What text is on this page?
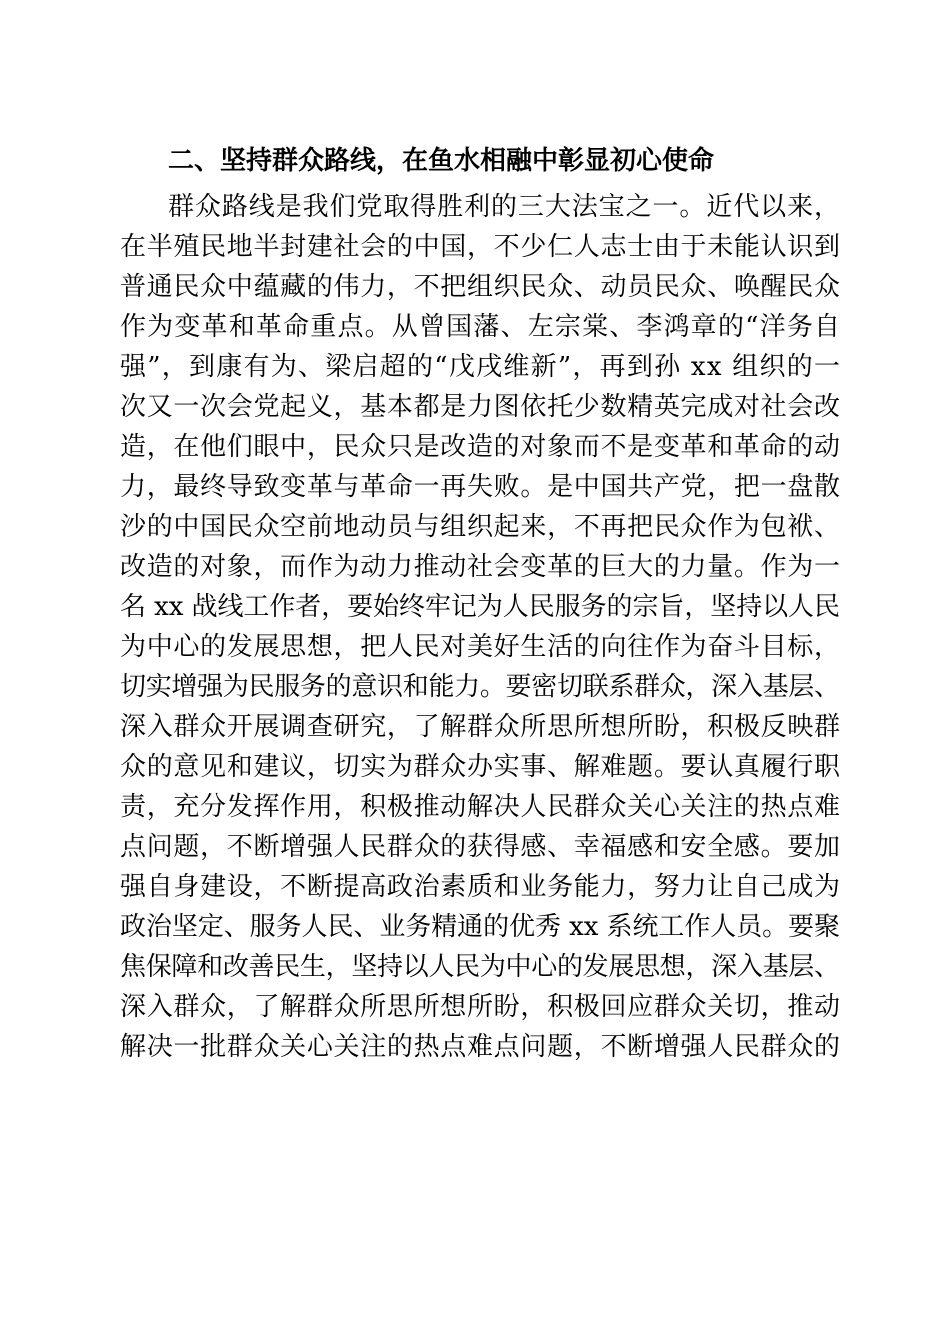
二、坚持群众路线，在鱼水相融中彰显初心使命
群众路线是我们党取得胜利的三大法宝之一。近代以来，
在半殖民地半封建社会的中国，不少仁人志士由于未能认识到
普通民众中蕴藏的伟力，不把组织民众、动员民众、唤醒民众
作为变革和革命重点。从曾国藩、左宗棠、李鸿章的“洋务自
强”，到康有为、梁启超的“戊戌维新”，再到孙 xx 组织的一
次又一次会党起义，基本都是力图依托少数精英完成对社会改
造，在他们眼中，民众只是改造的对象而不是变革和革命的动
力，最终导致变革与革命一再失败。是中国共产党，把一盘散
沙的中国民众空前地动员与组织起来，不再把民众作为包袱、
改造的对象，而作为动力推动社会变革的巨大的力量。作为一
名 xx 战线工作者，要始终牢记为人民服务的宗旨，坚持以人民
为中心的发展思想，把人民对美好生活的向往作为奋斗目标，
切实增强为民服务的意识和能力。要密切联系群众，深入基层、
深入群众开展调查研究，了解群众所思所想所盼，积极反映群
众的意见和建议，切实为群众办实事、解难题。要认真履行职
责，充分发挥作用，积极推动解决人民群众关心关注的热点难
点问题，不断增强人民群众的获得感、幸福感和安全感。要加
强自身建设，不断提高政治素质和业务能力，努力让自己成为
政治坚定、服务人民、业务精通的优秀 xx 系统工作人员。要聚
焦保障和改善民生，坚持以人民为中心的发展思想，深入基层、
深入群众，了解群众所思所想所盼，积极回应群众关切，推动
解决一批群众关心关注的热点难点问题，不断增强人民群众的
